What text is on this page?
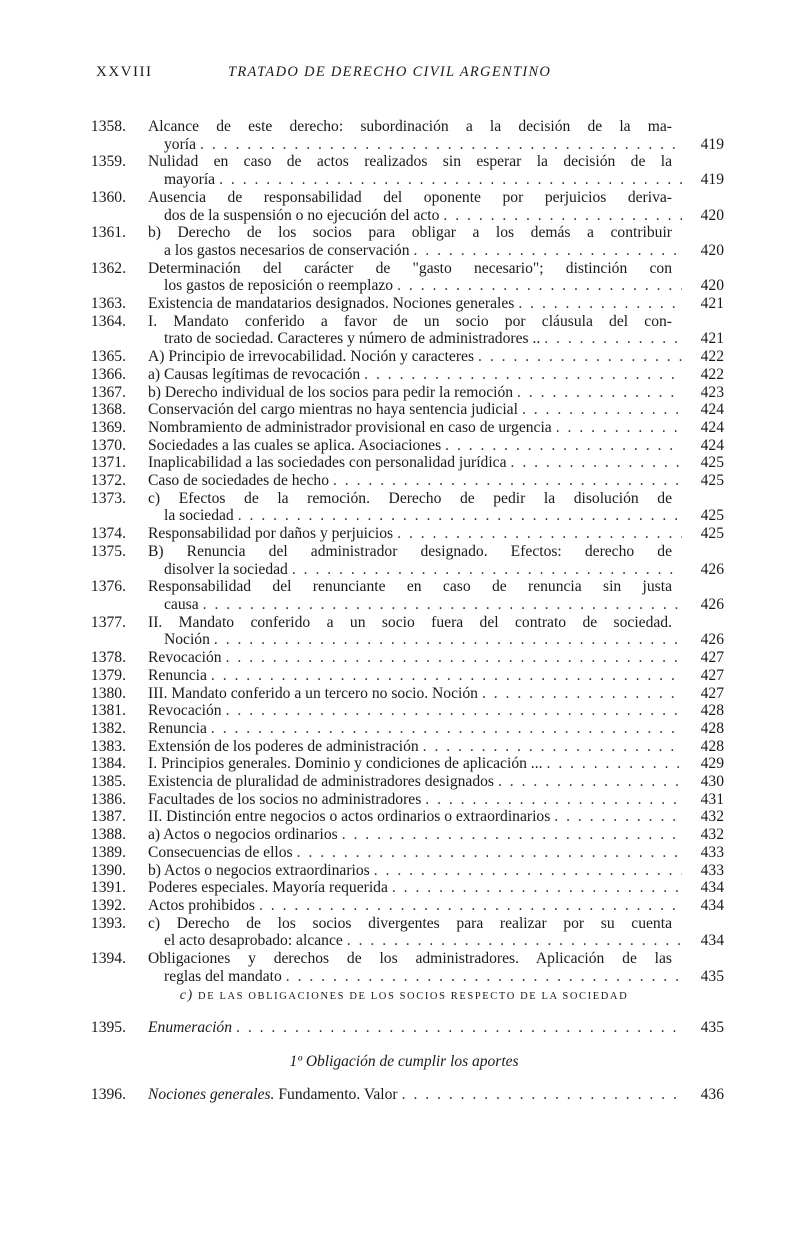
XXVIII	TRATADO DE DERECHO CIVIL ARGENTINO
1358. Alcance de este derecho: subordinación a la decisión de la ma-
yoría . . .	419
1359. Nulidad en caso de actos realizados sin esperar la decisión de la
mayoría . . .	419
1360. Ausencia de responsabilidad del oponente por perjuicios deriva-
dos de la suspensión o no ejecución del acto . . .	420
1361. b) Derecho de los socios para obligar a los demás a contribuir
a los gastos necesarios de conservación . . .	420
1362. Determinación del carácter de "gasto necesario"; distinción con
los gastos de reposición o reemplazo . . .	420
1363. Existencia de mandatarios designados. Nociones generales . . .	421
1364. I. Mandato conferido a favor de un socio por cláusula del con-
trato de sociedad. Caracteres y número de administradores .. . . .	421
1365. A) Principio de irrevocabilidad. Noción y caracteres . . .	422
1366. a) Causas legítimas de revocación . . .	422
1367. b) Derecho individual de los socios para pedir la remoción . . .	423
1368. Conservación del cargo mientras no haya sentencia judicial . . .	424
1369. Nombramiento de administrador provisional en caso de urgencia . . .	424
1370. Sociedades a las cuales se aplica. Asociaciones . . .	424
1371. Inaplicabilidad a las sociedades con personalidad jurídica . . .	425
1372. Caso de sociedades de hecho . . .	425
1373. c) Efectos de la remoción. Derecho de pedir la disolución de
la sociedad . . .	425
1374. Responsabilidad por daños y perjuicios . . .	425
1375. B) Renuncia del administrador designado. Efectos: derecho de
disolver la sociedad . . .	426
1376. Responsabilidad del renunciante en caso de renuncia sin justa
causa . . .	426
1377. II. Mandato conferido a un socio fuera del contrato de sociedad.
Noción . . .	426
1378. Revocación . . .	427
1379. Renuncia . . .	427
1380. III. Mandato conferido a un tercero no socio. Noción . . .	427
1381. Revocación . . .	428
1382. Renuncia . . .	428
1383. Extensión de los poderes de administración . . .	428
1384. I. Principios generales. Dominio y condiciones de aplicación ... . . .	429
1385. Existencia de pluralidad de administradores designados . . .	430
1386. Facultades de los socios no administradores . . .	431
1387. II. Distinción entre negocios o actos ordinarios o extraordinarios . . .	432
1388. a) Actos o negocios ordinarios . . .	432
1389. Consecuencias de ellos . . .	433
1390. b) Actos o negocios extraordinarios . . .	433
1391. Poderes especiales. Mayoría requerida . . .	434
1392. Actos prohibidos . . .	434
1393. c) Derecho de los socios divergentes para realizar por su cuenta
el acto desaprobado: alcance . . .	434
1394. Obligaciones y derechos de los administradores. Aplicación de las
reglas del mandato . . .	435
c) DE LAS OBLIGACIONES DE LOS SOCIOS RESPECTO DE LA SOCIEDAD
1395. Enumeración . . .	435
1º Obligación de cumplir los aportes
1396. Nociones generales. Fundamento. Valor . . .	436
